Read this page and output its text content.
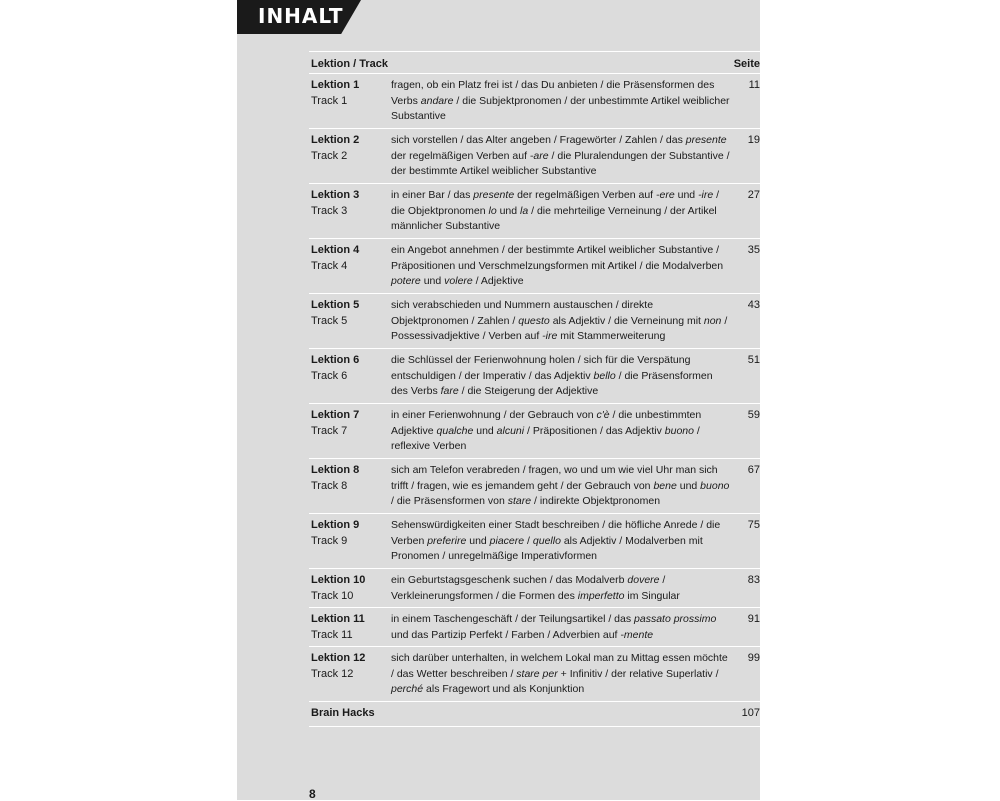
INHALT
Lektion / Track	Seite
Lektion 1
Track 1
fragen, ob ein Platz frei ist / das Du anbieten / die Präsensformen des Verbs andare / die Subjektpronomen / der unbestimmte Artikel weiblicher Substantive
11
Lektion 2
Track 2
sich vorstellen / das Alter angeben / Fragewörter / Zahlen / das presente der regelmäßigen Verben auf -are / die Pluralendungen der Substantive / der bestimmte Artikel weiblicher Substantive
19
Lektion 3
Track 3
in einer Bar / das presente der regelmäßigen Verben auf -ere und -ire / die Objektpronomen lo und la / die mehrteilige Verneinung / der Artikel männlicher Substantive
27
Lektion 4
Track 4
ein Angebot annehmen / der bestimmte Artikel weiblicher Substantive / Präpositionen und Verschmelzungsformen mit Artikel / die Modalverben potere und volere / Adjektive
35
Lektion 5
Track 5
sich verabschieden und Nummern austauschen / direkte Objektpronomen / Zahlen / questo als Adjektiv / die Verneinung mit non / Possessivadjektive / Verben auf -ire mit Stammerweiterung
43
Lektion 6
Track 6
die Schlüssel der Ferienwohnung holen / sich für die Verspätung entschuldigen / der Imperativ / das Adjektiv bello / die Präsensformen des Verbs fare / die Steigerung der Adjektive
51
Lektion 7
Track 7
in einer Ferienwohnung / der Gebrauch von c'è / die unbestimmten Adjektive qualche und alcuni / Präpositionen / das Adjektiv buono / reflexive Verben
59
Lektion 8
Track 8
sich am Telefon verabreden / fragen, wo und um wie viel Uhr man sich trifft / fragen, wie es jemandem geht / der Gebrauch von bene und buono / die Präsensformen von stare / indirekte Objektpronomen
67
Lektion 9
Track 9
Sehenswürdigkeiten einer Stadt beschreiben / die höfliche Anrede / die Verben preferire und piacere / quello als Adjektiv / Modalverben mit Pronomen / unregelmäßige Imperativformen
75
Lektion 10
Track 10
ein Geburtstagsgeschenk suchen / das Modalverb dovere / Verkleinerungsformen / die Formen des imperfetto im Singular
83
Lektion 11
Track 11
in einem Taschengeschäft / der Teilungsartikel / das passato prossimo und das Partizip Perfekt / Farben / Adverbien auf -mente
91
Lektion 12
Track 12
sich darüber unterhalten, in welchem Lokal man zu Mittag essen möchte / das Wetter beschreiben / stare per + Infinitiv / der relative Superlativ / perché als Fragewort und als Konjunktion
99
Brain Hacks	107
8
